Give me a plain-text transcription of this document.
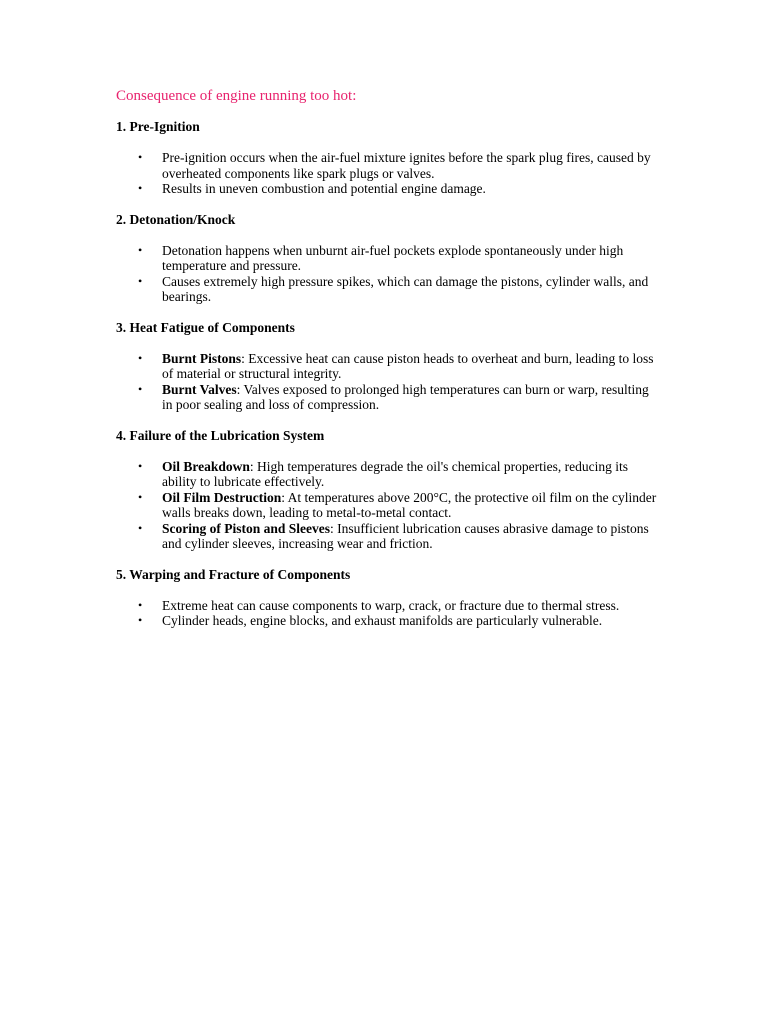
Consequence of engine running too hot:
1. Pre-Ignition
• Pre-ignition occurs when the air-fuel mixture ignites before the spark plug fires, caused by overheated components like spark plugs or valves.
• Results in uneven combustion and potential engine damage.
2. Detonation/Knock
• Detonation happens when unburnt air-fuel pockets explode spontaneously under high temperature and pressure.
• Causes extremely high pressure spikes, which can damage the pistons, cylinder walls, and bearings.
3. Heat Fatigue of Components
• Burnt Pistons: Excessive heat can cause piston heads to overheat and burn, leading to loss of material or structural integrity.
• Burnt Valves: Valves exposed to prolonged high temperatures can burn or warp, resulting in poor sealing and loss of compression.
4. Failure of the Lubrication System
• Oil Breakdown: High temperatures degrade the oil's chemical properties, reducing its ability to lubricate effectively.
• Oil Film Destruction: At temperatures above 200°C, the protective oil film on the cylinder walls breaks down, leading to metal-to-metal contact.
• Scoring of Piston and Sleeves: Insufficient lubrication causes abrasive damage to pistons and cylinder sleeves, increasing wear and friction.
5. Warping and Fracture of Components
• Extreme heat can cause components to warp, crack, or fracture due to thermal stress.
• Cylinder heads, engine blocks, and exhaust manifolds are particularly vulnerable.
